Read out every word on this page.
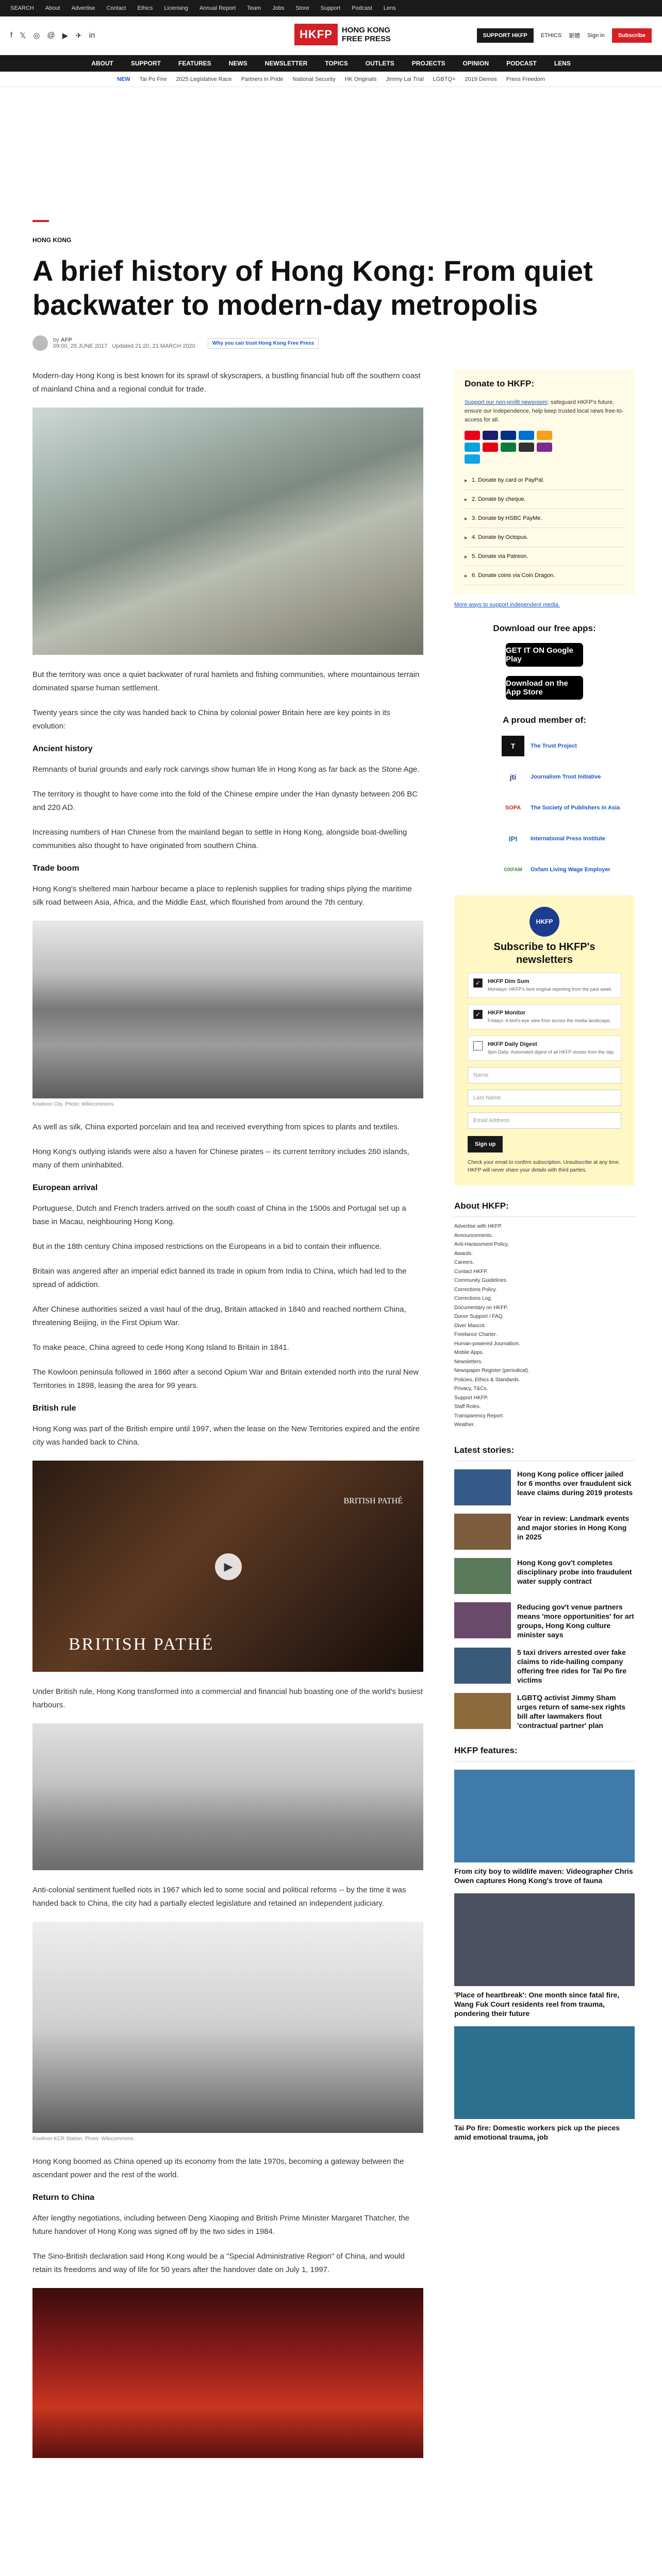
SEARCH About Advertise Contact Ethics Licensing Annual Report Team Jobs Store Support Podcast Lens
f 𝕏 ◎ @ ▶ ✈ in	HKFP	HONG KONG
FREE PRESS	SUPPORT HKFP	ETHICS 繁體 Sign in	Subscribe
ABOUT	SUPPORT	FEATURES	NEWS	NEWSLETTER	TOPICS	OUTLETS	PROJECTS	OPINION	PODCAST	LENS
NEW Tai Po Fire 2025 Legislative Race Partners in Pride National Security HK Originals Jimmy Lai Trial LGBTQ+ 2019 Demos Press Freedom
HONG KONG
A brief history of Hong Kong: From quiet backwater to modern-day metropolis
by AFP
09:00, 29 JUNE 2017 Updated 21:20, 21 MARCH 2020	Why you can trust Hong Kong Free Press

Modern-day Hong Kong is best known for its sprawl of skyscrapers, a bustling financial hub off the southern coast of mainland China and a regional conduit for trade.

But the territory was once a quiet backwater of rural hamlets and fishing communities, where mountainous terrain dominated sparse human settlement.

Twenty years since the city was handed back to China by colonial power Britain here are key points in its evolution:

Ancient history

Remnants of burial grounds and early rock carvings show human life in Hong Kong as far back as the Stone Age.

The territory is thought to have come into the fold of the Chinese empire under the Han dynasty between 206 BC and 220 AD.

Increasing numbers of Han Chinese from the mainland began to settle in Hong Kong, alongside boat-dwelling communities also thought to have originated from southern China.

Trade boom

Hong Kong's sheltered main harbour became a place to replenish supplies for trading ships plying the maritime silk road between Asia, Africa, and the Middle East, which flourished from around the 7th century.

Kowloon City. Photo: Wikicommons.

As well as silk, China exported porcelain and tea and received everything from spices to plants and textiles.

Hong Kong's outlying islands were also a haven for Chinese pirates -- its current territory includes 260 islands, many of them uninhabited.

European arrival

Portuguese, Dutch and French traders arrived on the south coast of China in the 1500s and Portugal set up a base in Macau, neighbouring Hong Kong.

But in the 18th century China imposed restrictions on the Europeans in a bid to contain their influence.

Britain was angered after an imperial edict banned its trade in opium from India to China, which had led to the spread of addiction.

After Chinese authorities seized a vast haul of the drug, Britain attacked in 1840 and reached northern China, threatening Beijing, in the First Opium War.

To make peace, China agreed to cede Hong Kong Island to Britain in 1841.

The Kowloon peninsula followed in 1860 after a second Opium War and Britain extended north into the rural New Territories in 1898, leasing the area for 99 years.

British rule

Hong Kong was part of the British empire until 1997, when the lease on the New Territories expired and the entire city was handed back to China.

BRITISH PATHÉ
▶
BRITISH PATHÉ

Under British rule, Hong Kong transformed into a commercial and financial hub boasting one of the world's busiest harbours.

Anti-colonial sentiment fuelled riots in 1967 which led to some social and political reforms -- by the time it was handed back to China, the city had a partially elected legislature and retained an independent judiciary.

Kowloon KCR Station. Photo: Wikicommons.

Hong Kong boomed as China opened up its economy from the late 1970s, becoming a gateway between the ascendant power and the rest of the world.

Return to China

After lengthy negotiations, including between Deng Xiaoping and British Prime Minister Margaret Thatcher, the future handover of Hong Kong was signed off by the two sides in 1984.

The Sino-British declaration said Hong Kong would be a "Special Administrative Region" of China, and would retain its freedoms and way of life for 50 years after the handover date on July 1, 1997.

Donate to HKFP:
Support our non-profit newsroom: safeguard HKFP's future, ensure our independence, help keep trusted local news free-to-access for all.
▸ 1. Donate by card or PayPal.
▸ 2. Donate by cheque.
▸ 3. Donate by HSBC PayMe.
▸ 4. Donate by Octopus.
▸ 5. Donate via Patreon.
▸ 6. Donate coins via Coin Dragon.
More ways to support independent media.
Download our free apps:
GET IT ON Google Play
Download on the App Store
A proud member of:
T	The Trust Project
jti	Journalism Trust Initiative
SOPA	The Society of Publishers in Asia
IPI	International Press Institute
OXFAM	Oxfam Living Wage Employer
HKFP
Subscribe to HKFP's newsletters
✓	HKFP Dim Sum
Mondays: HKFP's best original reporting from the past week.
✓	HKFP Monitor
Fridays: A bird's-eye view from across the media landscape.
HKFP Daily Digest
9pm Daily: Automated digest of all HKFP stories from the day.
Name
Last Name
Email Address
Sign up
Check your email to confirm subscription. Unsubscribe at any time. HKFP will never share your details with third parties.
About HKFP:
Advertise with HKFP.
Announcements.
Anti-Harassment Policy.
Awards.
Careers.
Contact HKFP.
Community Guidelines.
Corrections Policy.
Corrections Log.
Documentary on HKFP.
Donor Support / FAQ.
Diver Mascot.
Freelance Charter.
Human-powered Journalism.
Mobile Apps.
Newsletters.
Newspaper Register (periodical).
Policies, Ethics & Standards.
Privacy, T&Cs.
Support HKFP.
Staff Roles.
Transparency Report.
Weather.
Latest stories:
Hong Kong police officer jailed for 6 months over fraudulent sick leave claims during 2019 protests
Year in review: Landmark events and major stories in Hong Kong in 2025
Hong Kong gov't completes disciplinary probe into fraudulent water supply contract
Reducing gov't venue partners means 'more opportunities' for art groups, Hong Kong culture minister says
5 taxi drivers arrested over fake claims to ride-hailing company offering free rides for Tai Po fire victims
LGBTQ activist Jimmy Sham urges return of same-sex rights bill after lawmakers flout 'contractual partner' plan
HKFP features:
From city boy to wildlife maven: Videographer Chris Owen captures Hong Kong's trove of fauna
'Place of heartbreak': One month since fatal fire, Wang Fuk Court residents reel from trauma, pondering their future
Tai Po fire: Domestic workers pick up the pieces amid emotional trauma, job
